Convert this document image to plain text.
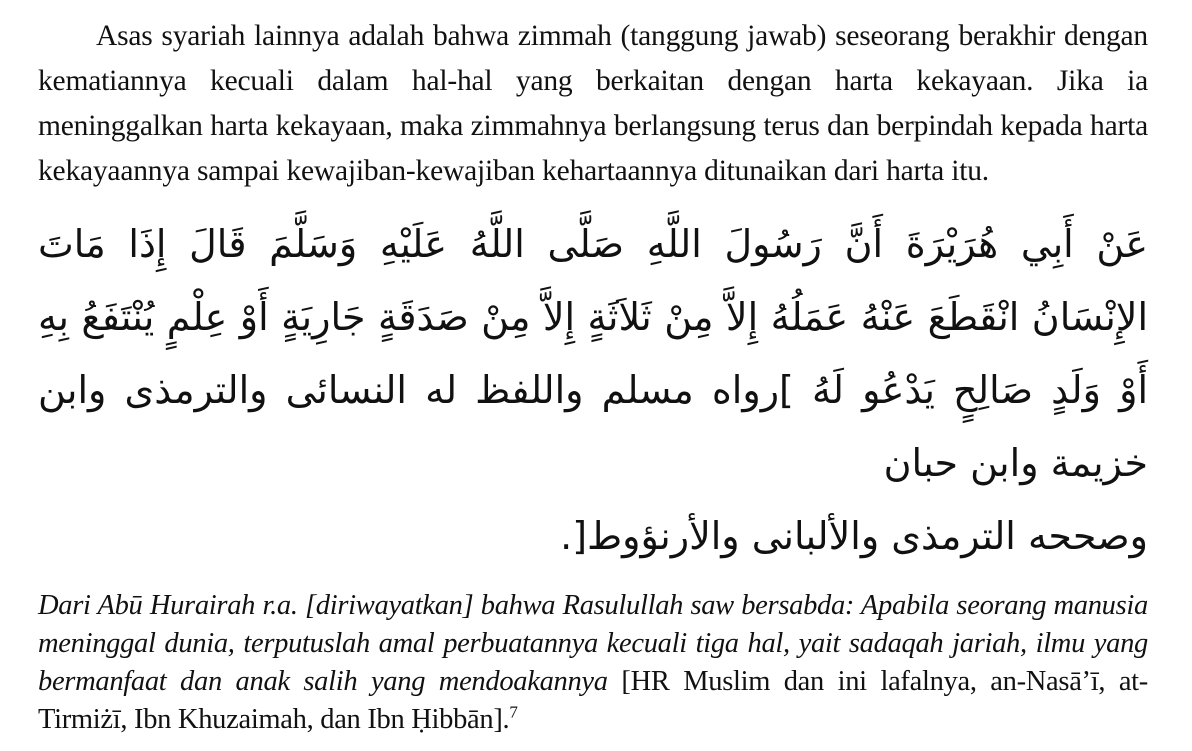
Asas syariah lainnya adalah bahwa zimmah (tanggung jawab) seseorang berakhir dengan kematiannya kecuali dalam hal-hal yang berkaitan dengan harta kekayaan. Jika ia meninggalkan harta kekayaan, maka zimmahnya berlangsung terus dan berpindah kepada harta kekayaannya sampai kewajiban-kewajiban kehartaannya ditunaikan dari harta itu.

عَنْ أَبِي هُرَيْرَةَ أَنَّ رَسُولَ اللَّهِ صَلَّى اللَّهُ عَلَيْهِ وَسَلَّمَ قَالَ إِذَا مَاتَ الإِنْسَانُ انْقَطَعَ عَنْهُ عَمَلُهُ إِلاَّ مِنْ ثَلاَثَةٍ إِلاَّ مِنْ صَدَقَةٍ جَارِيَةٍ أَوْ عِلْمٍ يُنْتَفَعُ بِهِ أَوْ وَلَدٍ صَالِحٍ يَدْعُو لَهُ ]رواه مسلم واللفظ له النسائى والترمذى وابن خزيمة وابن حبان
وصححه الترمذى والألبانى والأرنؤوط[.

Dari Abū Hurairah r.a. [diriwayatkan] bahwa Rasulullah saw bersabda: Apabila seorang manusia meninggal dunia, terputuslah amal perbuatannya kecuali tiga hal, yait sadaqah jariah, ilmu yang bermanfaat dan anak salih yang mendoakannya [HR Muslim dan ini lafalnya, an-Nasā’ī, at-Tirmiżī, Ibn Khuzaimah, dan Ibn Ḥibbān].$^7$
